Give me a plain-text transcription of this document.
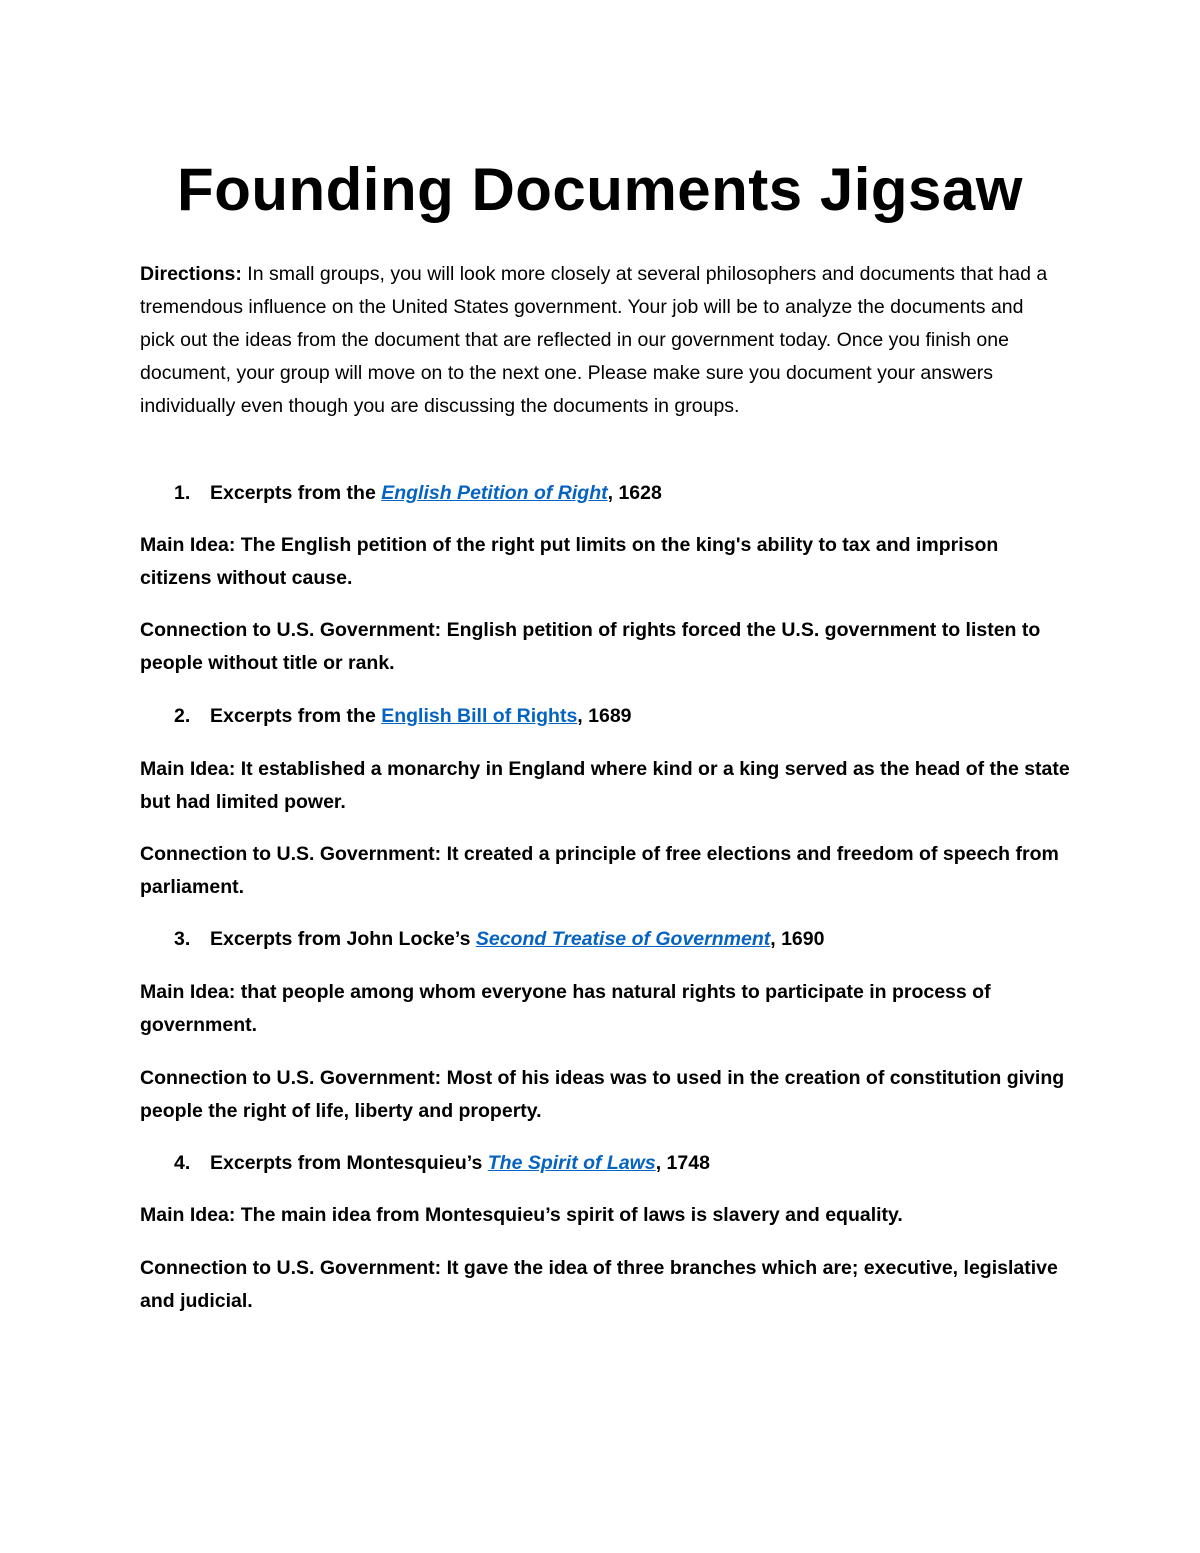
Founding Documents Jigsaw

Directions: In small groups, you will look more closely at several philosophers and documents that had a tremendous influence on the United States government. Your job will be to analyze the documents and pick out the ideas from the document that are reflected in our government today. Once you finish one document, your group will move on to the next one. Please make sure you document your answers individually even though you are discussing the documents in groups.

1. Excerpts from the English Petition of Right, 1628

Main Idea: The English petition of the right put limits on the king's ability to tax and imprison citizens without cause.

Connection to U.S. Government: English petition of rights forced the U.S. government to listen to people without title or rank.

2. Excerpts from the English Bill of Rights, 1689

Main Idea: It established a monarchy in England where kind or a king served as the head of the state but had limited power.

Connection to U.S. Government: It created a principle of free elections and freedom of speech from parliament.

3. Excerpts from John Locke’s Second Treatise of Government, 1690

Main Idea: that people among whom everyone has natural rights to participate in process of government.

Connection to U.S. Government: Most of his ideas was to used in the creation of constitution giving people the right of life, liberty and property.

4. Excerpts from Montesquieu’s The Spirit of Laws, 1748

Main Idea: The main idea from Montesquieu’s spirit of laws is slavery and equality.

Connection to U.S. Government: It gave the idea of three branches which are; executive, legislative and judicial.
